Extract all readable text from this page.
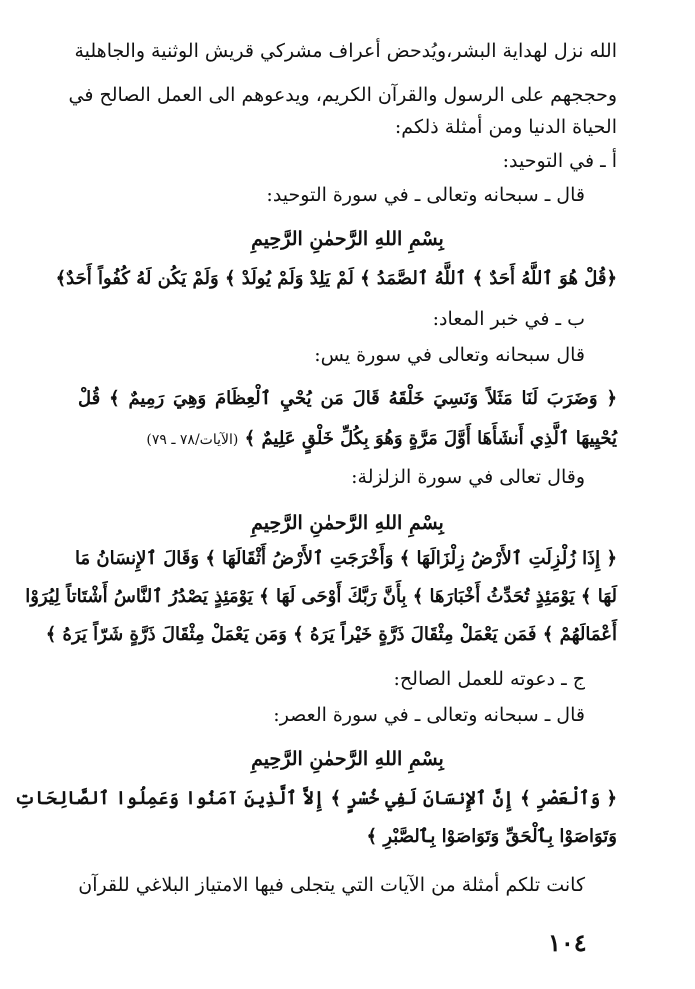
الله نزل لهداية البشر،ويُدحض أعراف مشركي قريش الوثنية والجاهلية
وحججهم على الرسول والقرآن الكريم، ويدعوهم الى العمل الصالح في
الحياة الدنيا ومن أمثلة ذلكم:
أ ـ في التوحيد:
قال ـ سبحانه وتعالى ـ في سورة التوحيد:
بِسْمِ اللهِ الرَّحمٰنِ الرَّحِيمِ
﴿قُلْ هُوَ ٱللَّهُ أَحَدٌ ﴾ ٱللَّهُ ٱلصَّمَدُ ﴾ لَمْ يَلِدْ وَلَمْ يُولَدْ ﴾ وَلَمْ يَكُن لَهُ كُفُواً أَحَدٌ﴾
ب ـ في خبر المعاد:
قال سبحانه وتعالى في سورة يس:
﴿ وَضَرَبَ لَنَا مَثَلاً وَنَسِيَ خَلْقَهُ قَالَ مَن يُحْيِ ٱلْعِظَامَ وَهِيَ رَمِيمٌ ﴾ قُلْ
يُحْيِيهَا ٱلَّذِي أَنشَأَهَا أَوَّلَ مَرَّةٍ وَهُوَ بِكُلِّ خَلْقٍ عَلِيمٌ ﴾ (الآيات/٧٨ ـ ٧٩)
وقال تعالى في سورة الزلزلة:
بِسْمِ اللهِ الرَّحمٰنِ الرَّحِيمِ
﴿ إِذَا زُلْزِلَتِ ٱلأَرْضُ زِلْزَالَهَا ﴾ وَأَخْرَجَتِ ٱلأَرْضُ أَثْقَالَهَا ﴾ وَقَالَ ٱلإِنسَانُ مَا
لَهَا ﴾ يَوْمَئِذٍ تُحَدِّثُ أَخْبَارَهَا ﴾ بِأَنَّ رَبَّكَ أَوْحَى لَهَا ﴾ يَوْمَئِذٍ يَصْدُرُ ٱلنَّاسُ أَشْتَاتاً لِيُرَوْا
أَعْمَالَهُمْ ﴾ فَمَن يَعْمَلْ مِثْقَالَ ذَرَّةٍ خَيْراً يَرَهُ ﴾ وَمَن يَعْمَلْ مِثْقَالَ ذَرَّةٍ شَرّاً يَرَهُ ﴾
ج ـ دعوته للعمل الصالح:
قال ـ سبحانه وتعالى ـ في سورة العصر:
بِسْمِ اللهِ الرَّحمٰنِ الرَّحِيمِ
﴿ وَٱلْعَصْرِ ﴾ إِنَّ ٱلإِنسَانَ لَفِي خُسْرٍ ﴾ إِلاَّ ٱلَّذِينَ آمَنُوا وَعَمِلُوا ٱلصَّالِحَاتِ
وَتَوَاصَوْا بِٱلْحَقِّ وَتَوَاصَوْا بِٱلصَّبْرِ ﴾
كانت تلكم أمثلة من الآيات التي يتجلى فيها الامتياز البلاغي للقرآن
١٠٤
